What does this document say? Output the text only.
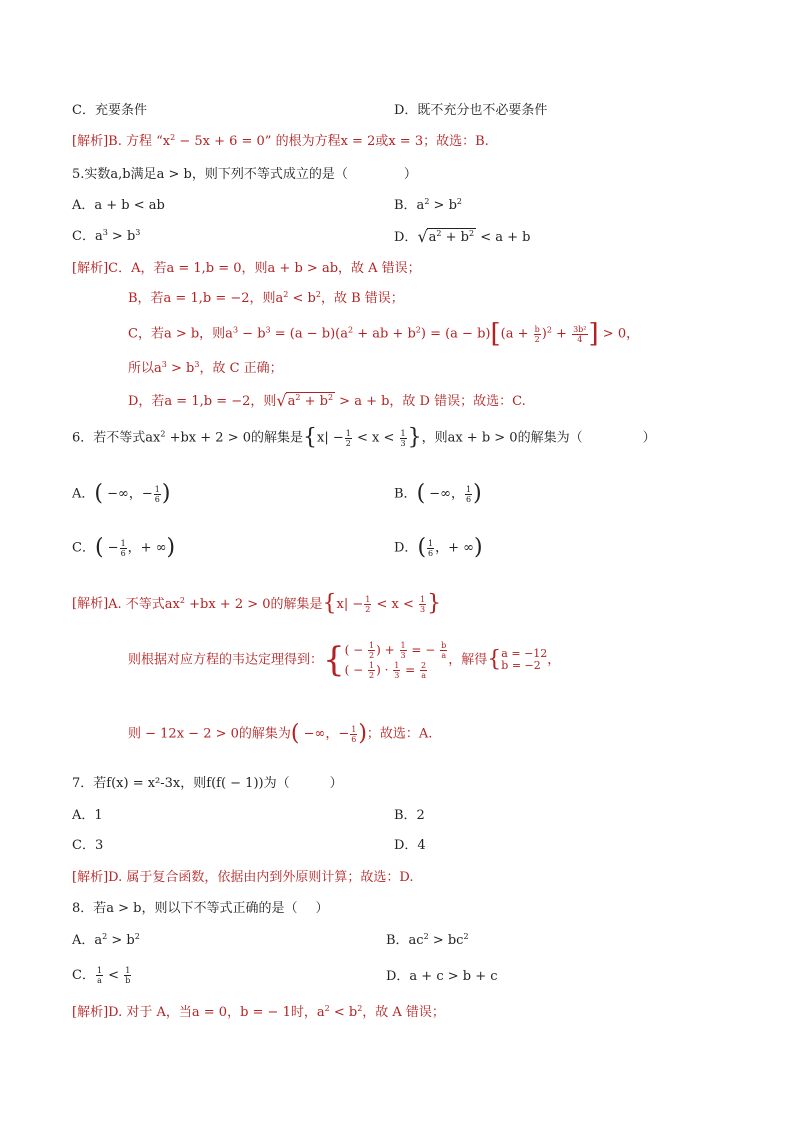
C．充要条件	D．既不充分也不必要条件
[解析]B. 方程 “$x^2 - 5x + 6 = 0$” 的根为方程x = 2或x = 3；故选：B.
5.实数a,b满足a > b，则下列不等式成立的是（	）
A．a + b < ab	B．$a^2 > b^2$
C．$a^3 > b^3$	D．$√a^2 + b^2 < a + b$
[解析]C．A，若a = 1,b = 0，则a + b > ab，故 A 错误；
B，若a = 1,b = −2，则$a^2 < b^2$，故 B 错误；
C，若a > b，则$a^3 - b^3 = (a - b)(a^2$ + ab + $b^2) = (a - b)[(a + \frac{b}{2} )^2 + \frac{\text{3b²}}{4}$ ] > 0，
所以$a^3 > b^3$，故 C 正确；
D，若a = 1,b = −2，则$√a^2 + b^2 > a + b$，故 D 错误；故选：C.
6．若不等式$ax^2 +bx + 2 > 0$的解集是{$x| - \frac{1}{2} < x < \frac{1}{3}$ }，则ax + b > 0的解集为（	）
A．( −∞，− $\frac{1}{6}$ )	B．( −∞， $\frac{1}{6}$ )
C．( − $\frac{1}{6}$ ，+ ∞)	D．( $\frac{1}{6}$ ，+ ∞)
[解析]A. 不等式$ax^2 +bx + 2 > 0$的解集是{$x| - \frac{1}{2} < x < \frac{1}{3}$ }
则根据对应方程的韦达定理得到：{ ( − $\frac{1}{2}$ ) + $\frac{1}{3}$ = − $\frac{b}{a}$
( − $\frac{1}{2}$ ) · $\frac{1}{3} = \frac{2}{a}$
，解得{ a = −12
b = −2 ，
则 − 12x − 2 > 0的解集为( −∞，− $\frac{1}{6}$ )；故选：A.
7．若f(x) = x²-3x，则f(f( − 1))为（	）
A．1	B．2
C．3	D．4
[解析]D. 属于复合函数，依据由内到外原则计算；故选：D.
8．若a > b，则以下不等式正确的是（ ）
A．$a^2 > b^2$	B．$ac^2 > bc^2$
C． $\frac{1}{a} < \frac{1}{b}$	D．a + c > b + c
[解析]D. 对于 A，当a = 0，b = − 1时，$a^2 < b^2$，故 A 错误；
